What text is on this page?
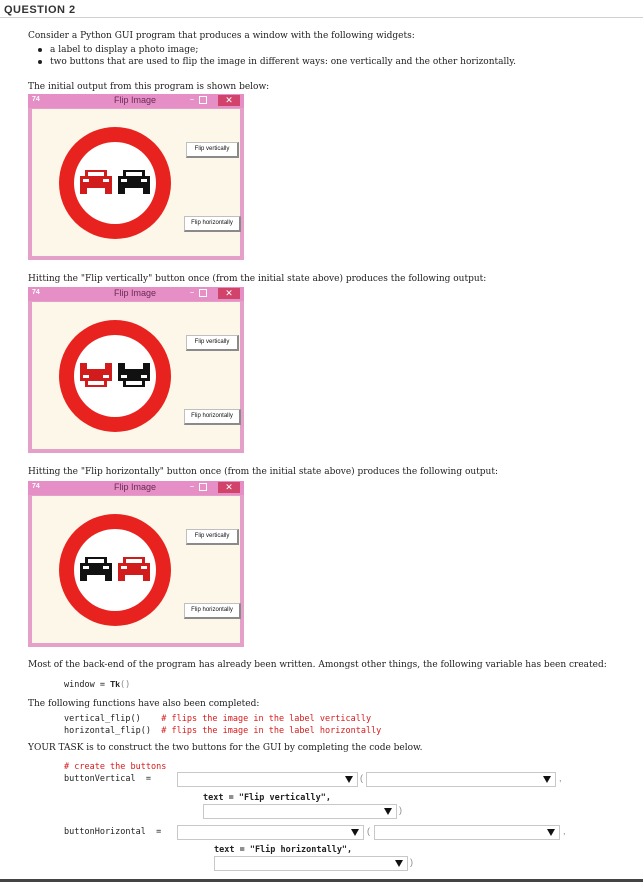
QUESTION 2
Consider a Python GUI program that produces a window with the following widgets:
a label to display a photo image;
two buttons that are used to flip the image in different ways: one vertically and the other horizontally.
The initial output from this program is shown below:
74	Flip Image	–	✕
Flip vertically
Flip horizontally
Hitting the "Flip vertically" button once (from the initial state above) produces the following output:
74	Flip Image	–	✕
Flip vertically
Flip horizontally
Hitting the "Flip horizontally" button once (from the initial state above) produces the following output:
74	Flip Image	–	✕
Flip vertically
Flip horizontally
Most of the back-end of the program has already been written. Amongst other things, the following variable has been created:
window = Tk()
The following functions have also been completed:
vertical_flip()    # flips the image in the label vertically
horizontal_flip() # flips the image in the label horizontally
YOUR TASK is to construct the two buttons for the GUI by completing the code below.
# create the buttons
buttonVertical  =	(	,
text = "Flip vertically",
)
buttonHorizontal  =	(	,
text = "Flip horizontally",
)
